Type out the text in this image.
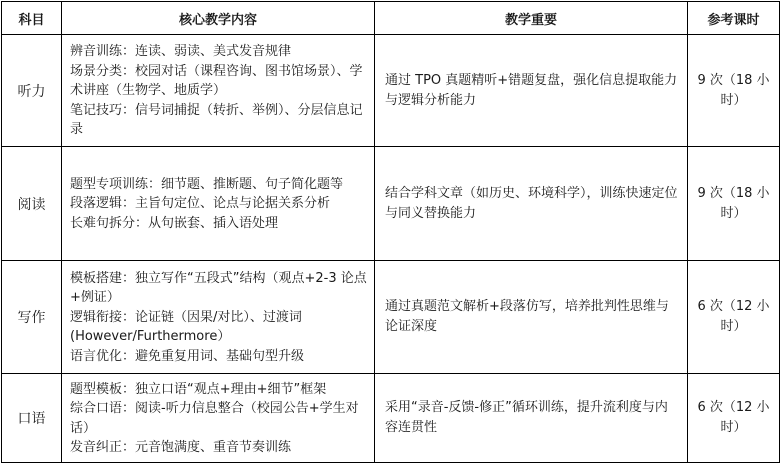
科目	核心教学内容	教学重要	参考课时
听力	辨音训练：连读、弱读、美式发音规律
场景分类：校园对话（课程咨询、图书馆场景）、学术讲座（生物学、地质学）
笔记技巧：信号词捕捉（转折、举例）、分层信息记录	通过 TPO 真题精听+错题复盘，强化信息提取能力与逻辑分析能力	9 次（18 小时）
阅读	题型专项训练：细节题、推断题、句子简化题等
段落逻辑：主旨句定位、论点与论据关系分析
长难句拆分：从句嵌套、插入语处理	结合学科文章（如历史、环境科学），训练快速定位与同义替换能力	9 次（18 小时）
写作	模板搭建：独立写作“五段式”结构（观点+2-3 论点+例证）
逻辑衔接：论证链（因果/对比）、过渡词(However/Furthermore）
语言优化：避免重复用词、基础句型升级	通过真题范文解析+段落仿写，培养批判性思维与论证深度	6 次（12 小时）
口语	题型模板：独立口语“观点+理由+细节”框架
综合口语：阅读-听力信息整合（校园公告+学生对话）
发音纠正：元音饱满度、重音节奏训练	采用“录音-反馈-修正”循环训练，提升流利度与内容连贯性	6 次（12 小时）
